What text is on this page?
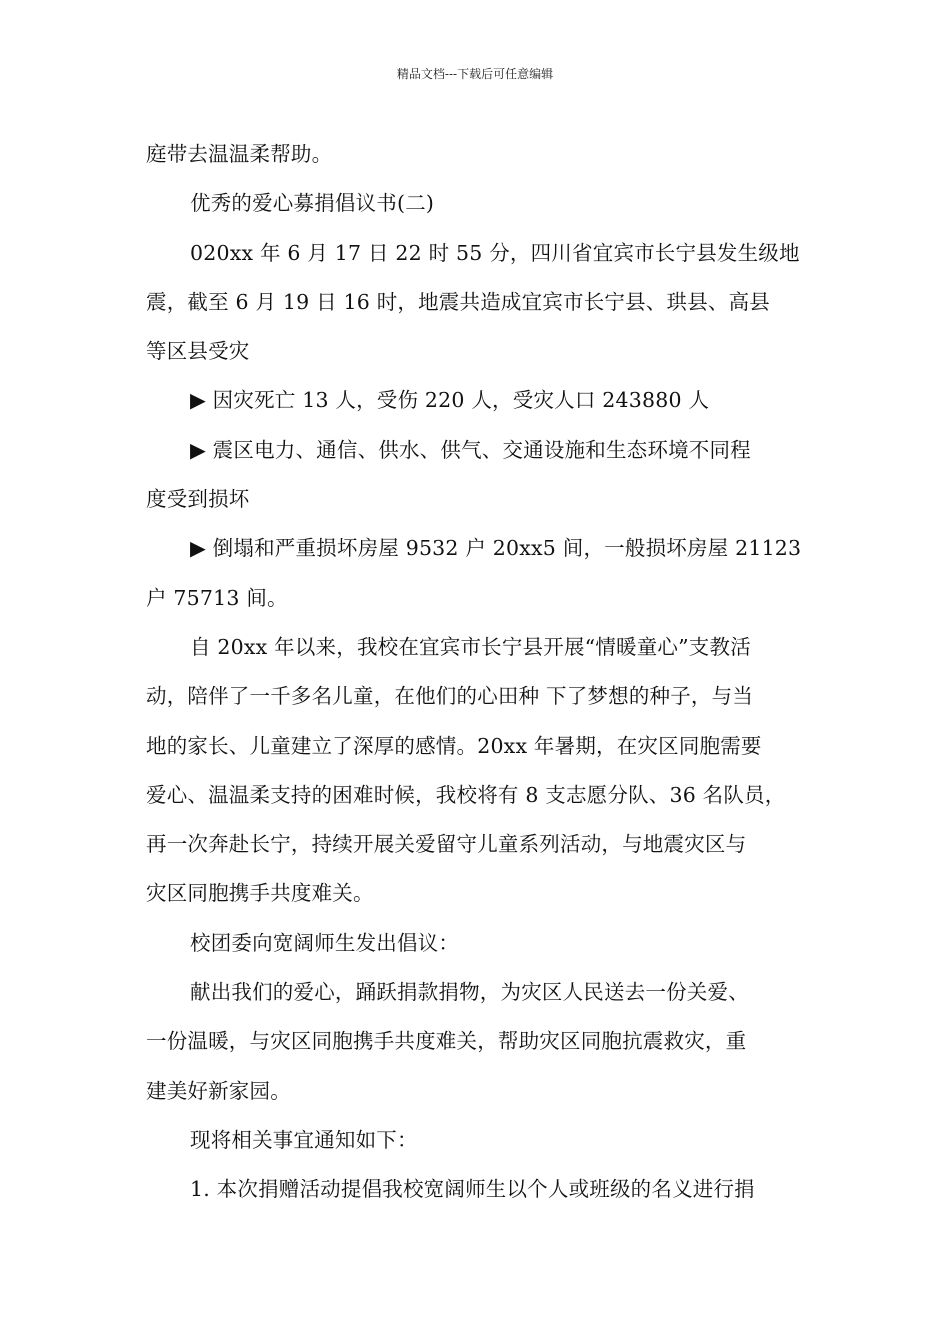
精品文档---下载后可任意编辑
庭带去温温柔帮助。
优秀的爱心募捐倡议书(二)
020xx 年 6 月 17 日 22 时 55 分，四川省宜宾市长宁县发生级地
震，截至 6 月 19 日 16 时，地震共造成宜宾市长宁县、珙县、高县
等区县受灾
▶ 因灾死亡 13 人，受伤 220 人，受灾人口 243880 人
▶ 震区电力、通信、供水、供气、交通设施和生态环境不同程
度受到损坏
▶ 倒塌和严重损坏房屋 9532 户 20xx5 间，一般损坏房屋 21123
户 75713 间。
自 20xx 年以来，我校在宜宾市长宁县开展“情暖童心”支教活
动，陪伴了一千多名儿童，在他们的心田种 下了梦想的种子，与当
地的家长、儿童建立了深厚的感情。20xx 年暑期，在灾区同胞需要
爱心、温温柔支持的困难时候，我校将有 8 支志愿分队、36 名队员，
再一次奔赴长宁，持续开展关爱留守儿童系列活动，与地震灾区与
灾区同胞携手共度难关。
校团委向宽阔师生发出倡议：
献出我们的爱心，踊跃捐款捐物，为灾区人民送去一份关爱、
一份温暖，与灾区同胞携手共度难关，帮助灾区同胞抗震救灾，重
建美好新家园。
现将相关事宜通知如下：
1. 本次捐赠活动提倡我校宽阔师生以个人或班级的名义进行捐
